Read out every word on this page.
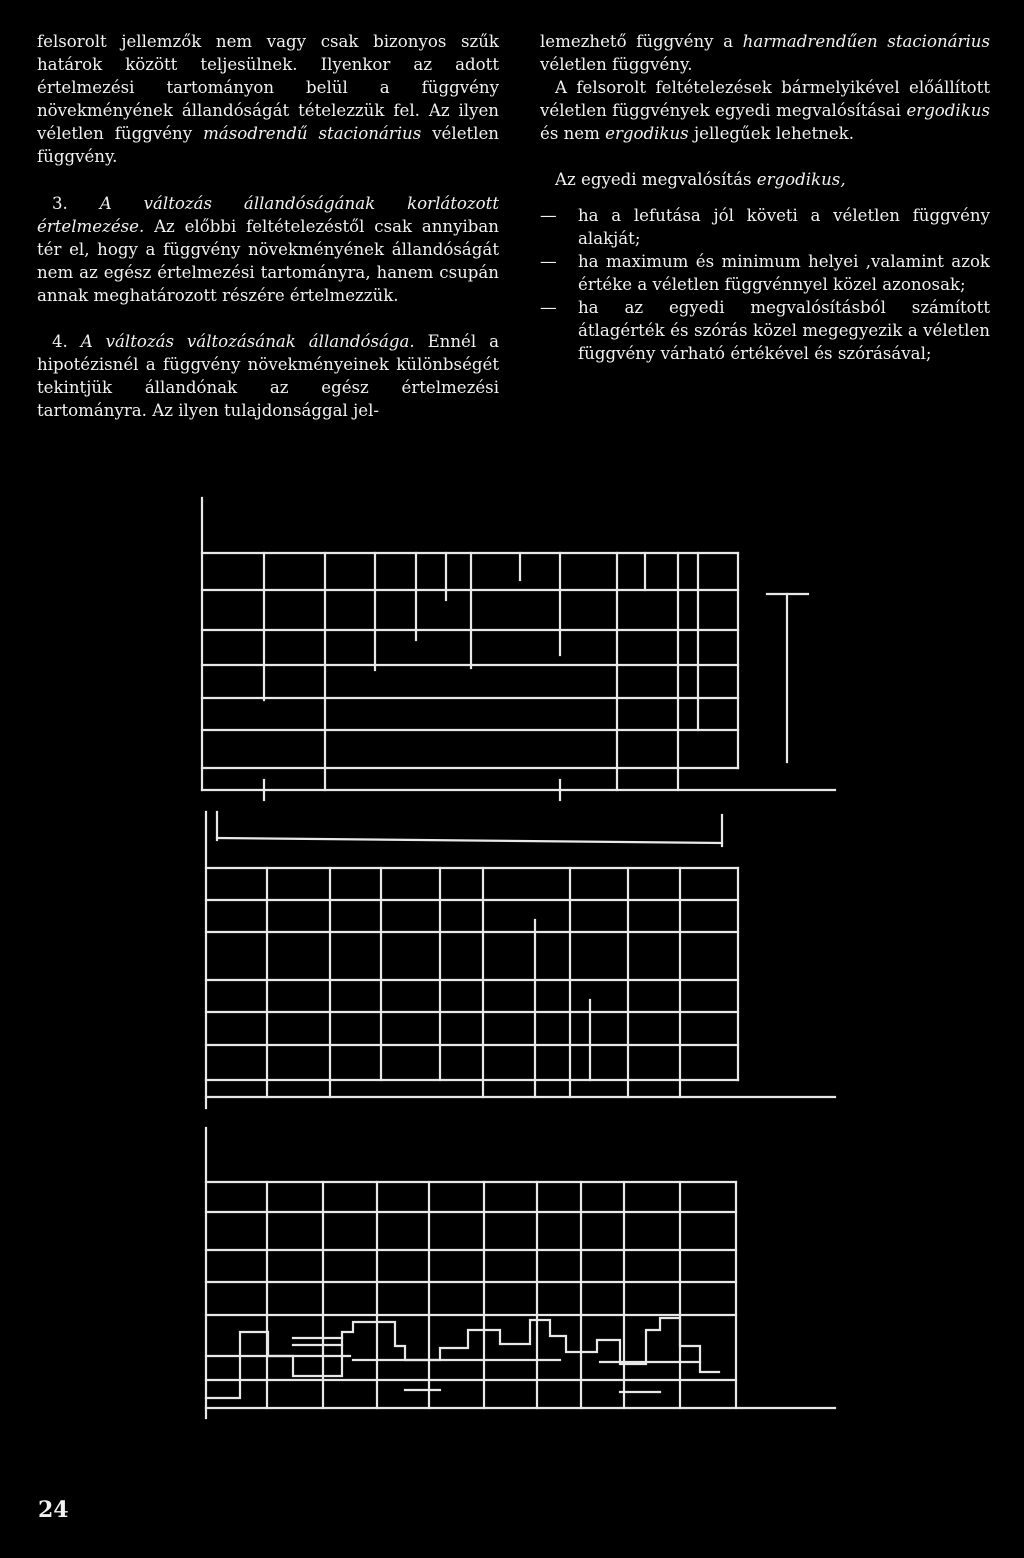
felsorolt jellemzők nem vagy csak bizonyos szűk határok között teljesülnek. Ilyenkor az adott értelmezési tartományon belül a függvény növekményének állandóságát tételezzük fel. Az ilyen véletlen függvény másodrendű stacionárius véletlen függvény.

3. A változás állandóságának korlátozott értelmezése. Az előbbi feltételezéstől csak annyiban tér el, hogy a függvény növekményének állandóságát nem az egész értelmezési tartományra, hanem csupán annak meghatározott részére értelmezzük.

4. A változás változásának állandósága. Ennél a hipotézisnél a függvény növekményeinek különbségét tekintjük állandónak az egész értelmezési tartományra. Az ilyen tulajdonsággal jel-

lemezhető függvény a harmadrendűen stacionárius véletlen függvény.

A felsorolt feltételezések bármelyikével előállított véletlen függvények egyedi megvalósításai ergodikus és nem ergodikus jellegűek lehetnek.

Az egyedi megvalósítás ergodikus,

—	ha a lefutása jól követi a véletlen függvény alakját;

—	ha maximum és minimum helyei ,valamint azok értéke a véletlen függvénnyel közel azonosak;

—	ha az egyedi megvalósításból számított átlagérték és szórás közel megegyezik a véletlen függvény várható értékével és szórásával;

24
